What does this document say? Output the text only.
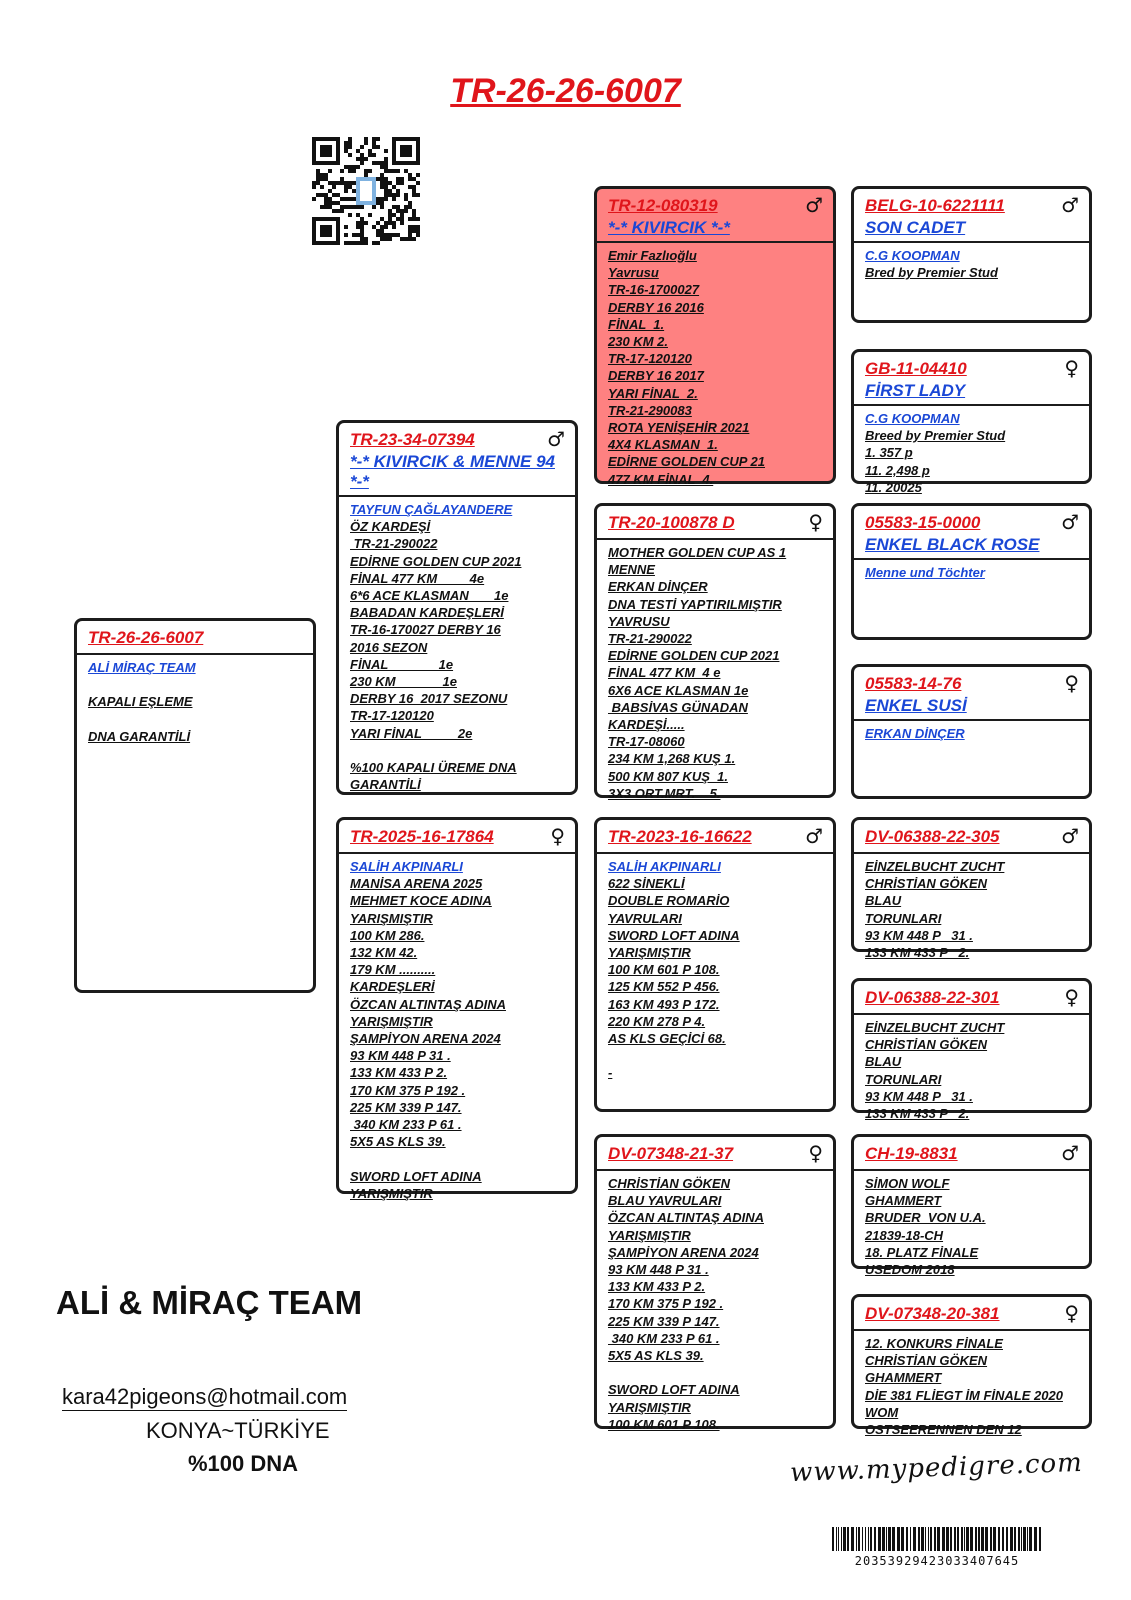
TR-26-26-6007
TR-26-26-6007
ALİ MİRAÇ TEAM
KAPALI EŞLEME
DNA GARANTİLİ
TR-23-34-07394	♂
*-* KIVIRCIK & MENNE 94 *-*
TAYFUN ÇAĞLAYANDERE
ÖZ KARDEŞİ
TR-21-290022
EDİRNE GOLDEN CUP 2021
FİNAL 477 KM         4e
6*6 ACE KLASMAN       1e
BABADAN KARDEŞLERİ
TR-16-170027 DERBY 16
2016 SEZON
FİNAL              1e
230 KM             1e
DERBY 16  2017 SEZONU
TR-17-120120
YARI FİNAL          2e
%100 KAPALI ÜREME DNA
GARANTİLİ
TR-2025-16-17864	♀
SALİH AKPINARLI
MANİSA ARENA 2025
MEHMET KOCE ADINA
YARIŞMIŞTIR
100 KM 286.
132 KM 42.
179 KM ..........
KARDEŞLERİ
ÖZCAN ALTINTAŞ ADINA
YARIŞMIŞTIR
ŞAMPİYON ARENA 2024
93 KM 448 P 31 .
133 KM 433 P 2.
170 KM 375 P 192 .
225 KM 339 P 147.
340 KM 233 P 61 .
5X5 AS KLS 39.
SWORD LOFT ADINA
YARIŞMIŞTIR
TR-12-080319	♂
*-* KIVIRCIK *-*
Emir Fazlıoğlu
Yavrusu
TR-16-1700027
DERBY 16 2016
FİNAL  1.
230 KM 2.
TR-17-120120
DERBY 16 2017
YARI FİNAL  2.
TR-21-290083
ROTA YENİŞEHİR 2021
4X4 KLASMAN  1.
EDİRNE GOLDEN CUP 21
477 KM FİNAL  4.
TR-20-100878 D	♀
MOTHER GOLDEN CUP AS 1
MENNE
ERKAN DİNÇER
DNA TESTİ YAPTIRILMIŞTIR
YAVRUSU
TR-21-290022
EDİRNE GOLDEN CUP 2021
FİNAL 477 KM  4 e
6X6 ACE KLASMAN 1e
BABSİVAS GÜNADAN
KARDEŞİ.....
TR-17-08060
234 KM 1,268 KUŞ 1.
500 KM 807 KUŞ  1.
3X3 ORT.MRT.    5.
TR-2023-16-16622	♂
SALİH AKPINARLI
622 SİNEKLİ
DOUBLE ROMARİO
YAVRULARI
SWORD LOFT ADINA
YARIŞMIŞTIR
100 KM 601 P 108.
125 KM 552 P 456.
163 KM 493 P 172.
220 KM 278 P 4.
AS KLS GEÇİCİ 68.
-
DV-07348-21-37	♀
CHRİSTİAN GÖKEN
BLAU YAVRULARI
ÖZCAN ALTINTAŞ ADINA
YARIŞMIŞTIR
ŞAMPİYON ARENA 2024
93 KM 448 P 31 .
133 KM 433 P 2.
170 KM 375 P 192 .
225 KM 339 P 147.
340 KM 233 P 61 .
5X5 AS KLS 39.
SWORD LOFT ADINA
YARIŞMIŞTIR
100 KM 601 P 108.
BELG-10-6221111	♂
SON CADET
C.G KOOPMAN
Bred by Premier Stud
GB-11-04410	♀
FİRST LADY
C.G KOOPMAN
Breed by Premier Stud
1. 357 p
11. 2,498 p
11. 20025
05583-15-0000	♂
ENKEL BLACK ROSE
Menne und Töchter
05583-14-76	♀
ENKEL SUSİ
ERKAN DİNÇER
DV-06388-22-305	♂
EİNZELBUCHT ZUCHT
CHRİSTİAN GÖKEN
BLAU
TORUNLARI
93 KM 448 P   31 .
133 KM 433 P   2.
DV-06388-22-301	♀
EİNZELBUCHT ZUCHT
CHRİSTİAN GÖKEN
BLAU
TORUNLARI
93 KM 448 P   31 .
133 KM 433 P   2.
CH-19-8831	♂
SİMON WOLF
GHAMMERT
BRUDER  VON U.A.
21839-18-CH
18. PLATZ FİNALE
USEDOM 2018
DV-07348-20-381	♀
12. KONKURS FİNALE
CHRİSTİAN GÖKEN
GHAMMERT
DİE 381 FLİEGT İM FİNALE 2020
WOM
OSTSEERENNEN DEN 12
ALİ & MİRAÇ TEAM
kara42pigeons@hotmail.com
KONYA~TÜRKİYE
%100 DNA	www.mypedigre.com
20353929423033407645
